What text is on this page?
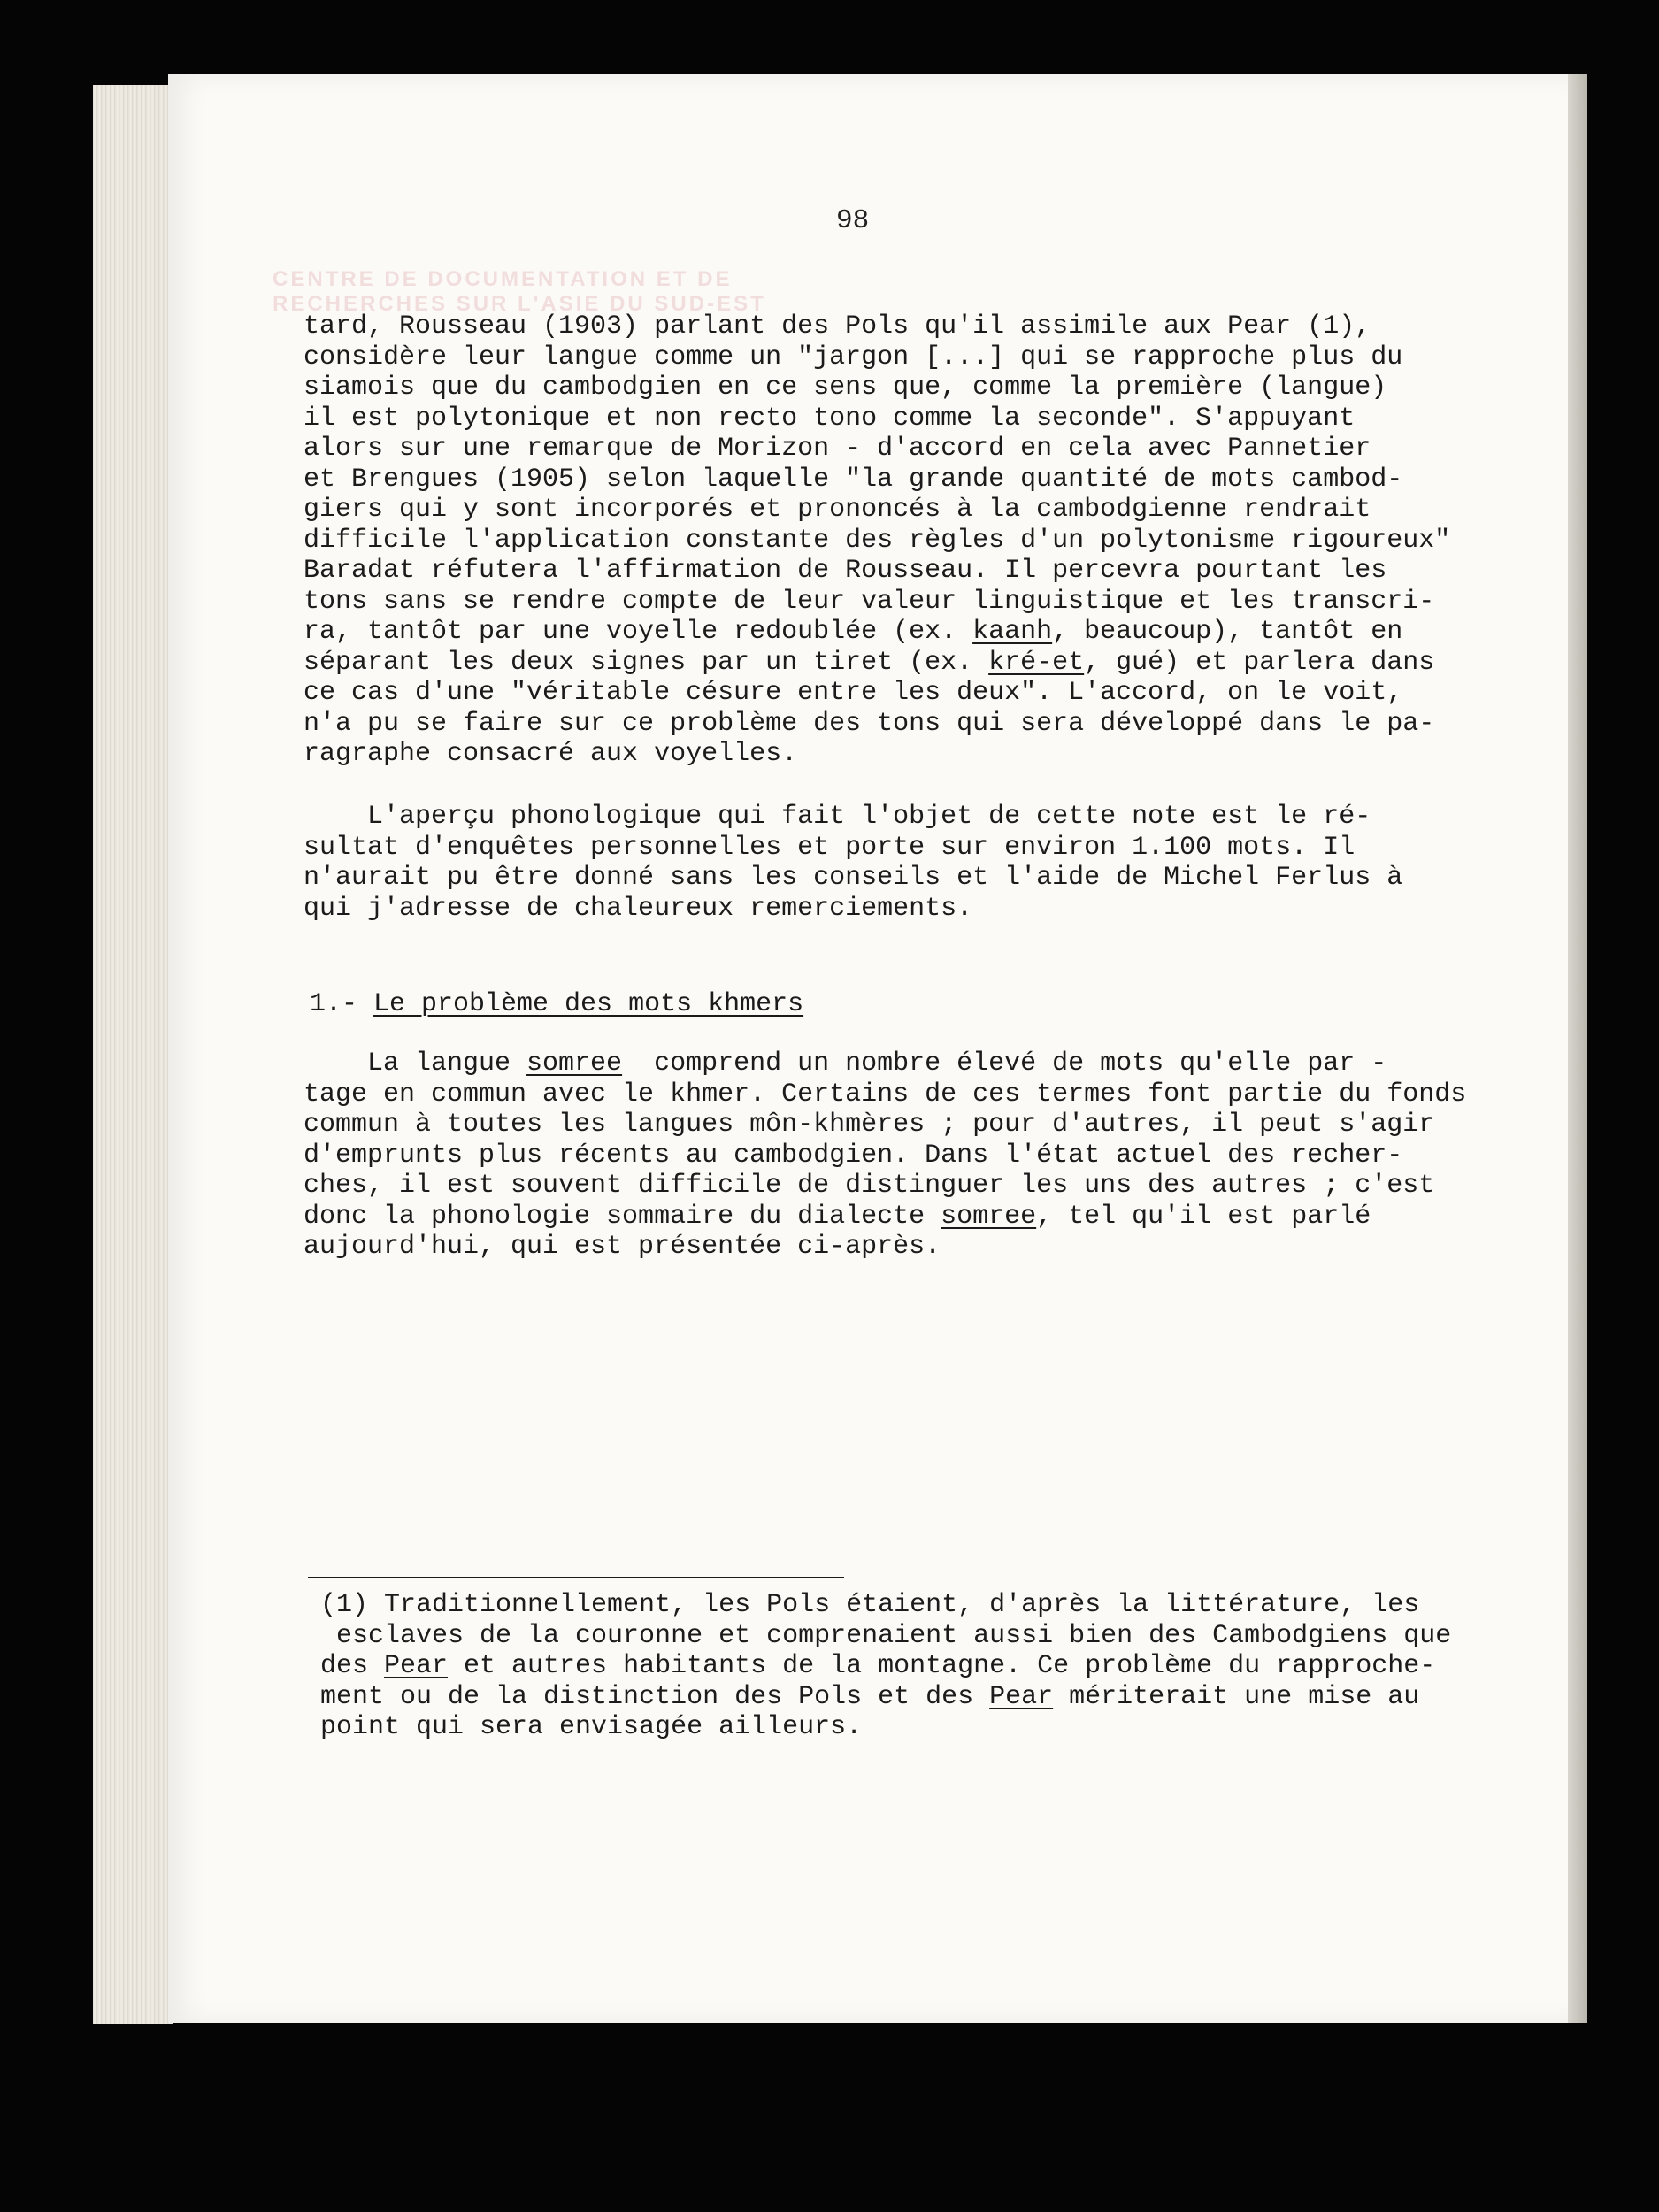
CENTRE DE DOCUMENTATION ET DE
RECHERCHES SUR L'ASIE DU SUD-EST
98
tard, Rousseau (1903) parlant des Pols qu'il assimile aux Pear (1),
considère leur langue comme un "jargon [...] qui se rapproche plus du
siamois que du cambodgien en ce sens que, comme la première (langue)
il est polytonique et non recto tono comme la seconde". S'appuyant
alors sur une remarque de Morizon - d'accord en cela avec Pannetier
et Brengues (1905) selon laquelle "la grande quantité de mots cambod-
giers qui y sont incorporés et prononcés à la cambodgienne rendrait
difficile l'application constante des règles d'un polytonisme rigoureux"
Baradat réfutera l'affirmation de Rousseau. Il percevra pourtant les
tons sans se rendre compte de leur valeur linguistique et les transcri-
ra, tantôt par une voyelle redoublée (ex. kaanh, beaucoup), tantôt en
séparant les deux signes par un tiret (ex. kré-et, gué) et parlera dans
ce cas d'une "véritable césure entre les deux". L'accord, on le voit,
n'a pu se faire sur ce problème des tons qui sera développé dans le pa-
ragraphe consacré aux voyelles.
L'aperçu phonologique qui fait l'objet de cette note est le ré-
sultat d'enquêtes personnelles et porte sur environ 1.100 mots. Il
n'aurait pu être donné sans les conseils et l'aide de Michel Ferlus à
qui j'adresse de chaleureux remerciements.
1.- Le problème des mots khmers
La langue somree  comprend un nombre élevé de mots qu'elle par -
tage en commun avec le khmer. Certains de ces termes font partie du fonds
commun à toutes les langues môn-khmères ; pour d'autres, il peut s'agir
d'emprunts plus récents au cambodgien. Dans l'état actuel des recher-
ches, il est souvent difficile de distinguer les uns des autres ; c'est
donc la phonologie sommaire du dialecte somree, tel qu'il est parlé
aujourd'hui, qui est présentée ci-après.
(1) Traditionnellement, les Pols étaient, d'après la littérature, les
esclaves de la couronne et comprenaient aussi bien des Cambodgiens que
des Pear et autres habitants de la montagne. Ce problème du rapproche-
ment ou de la distinction des Pols et des Pear mériterait une mise au
point qui sera envisagée ailleurs.
